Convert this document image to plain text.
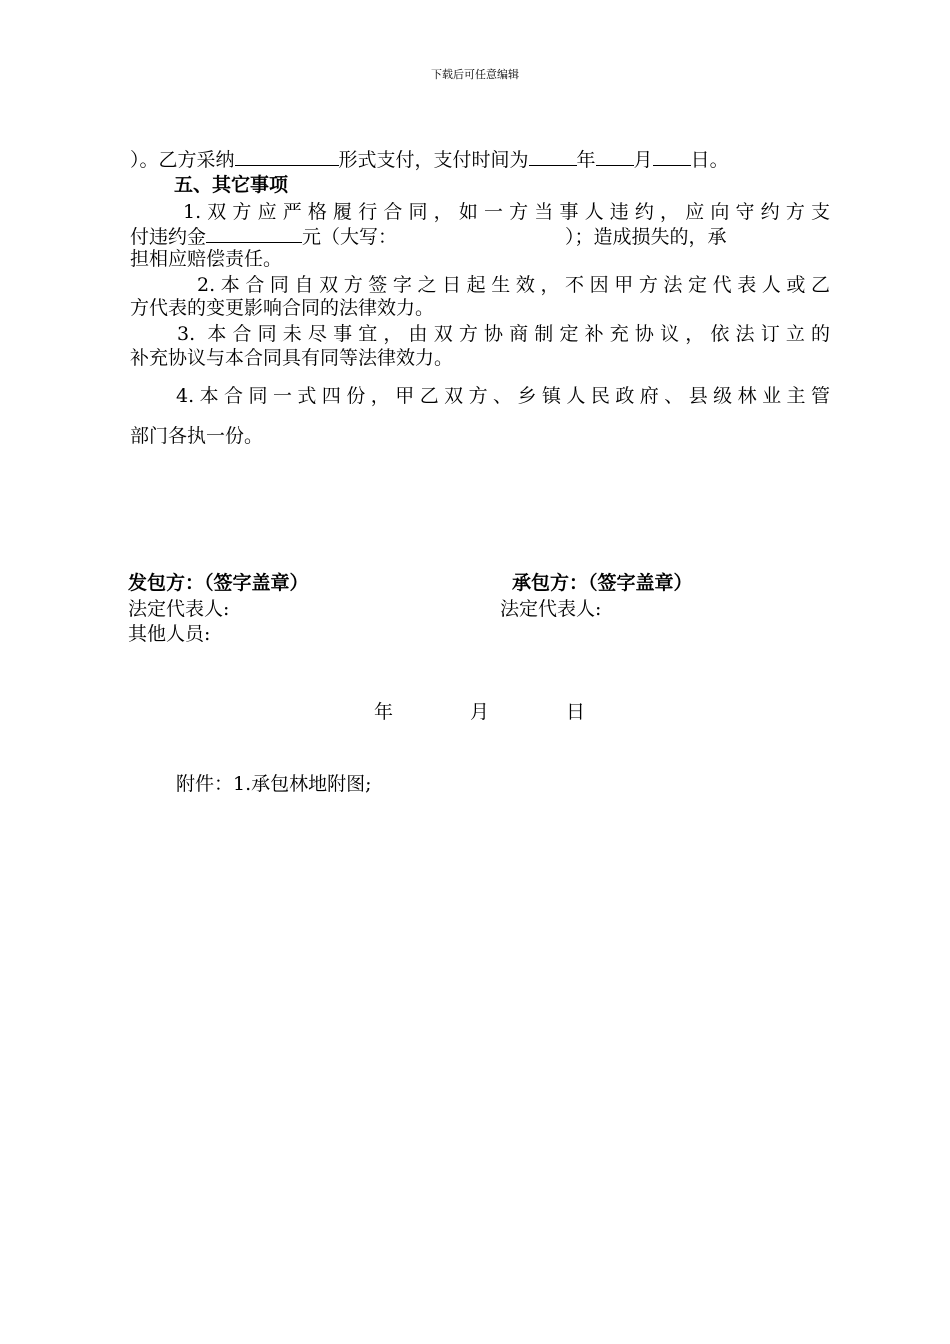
下载后可任意编辑
）。乙方采纳	形式支付，支付时间为	年 月 日。
五、其它事项
1.双方应严格履行合同，如一方当事人违约，应向守约方支
付违约金	元（大写：	）；造成损失的，承
担相应赔偿责任。
2.本合同自双方签字之日起生效，不因甲方法定代表人或乙
方代表的变更影响合同的法律效力。
3. 本合同未尽事宜，由双方协商制定补充协议，依法订立的
补充协议与本合同具有同等法律效力。
4.本合同一式四份，甲乙双方、乡镇人民政府、县级林业主管
部门各执一份。
发包方：（签字盖章）	承包方：（签字盖章）
法定代表人:	法定代表人:
其他人员:
年	月	日
附件：1.承包林地附图;
